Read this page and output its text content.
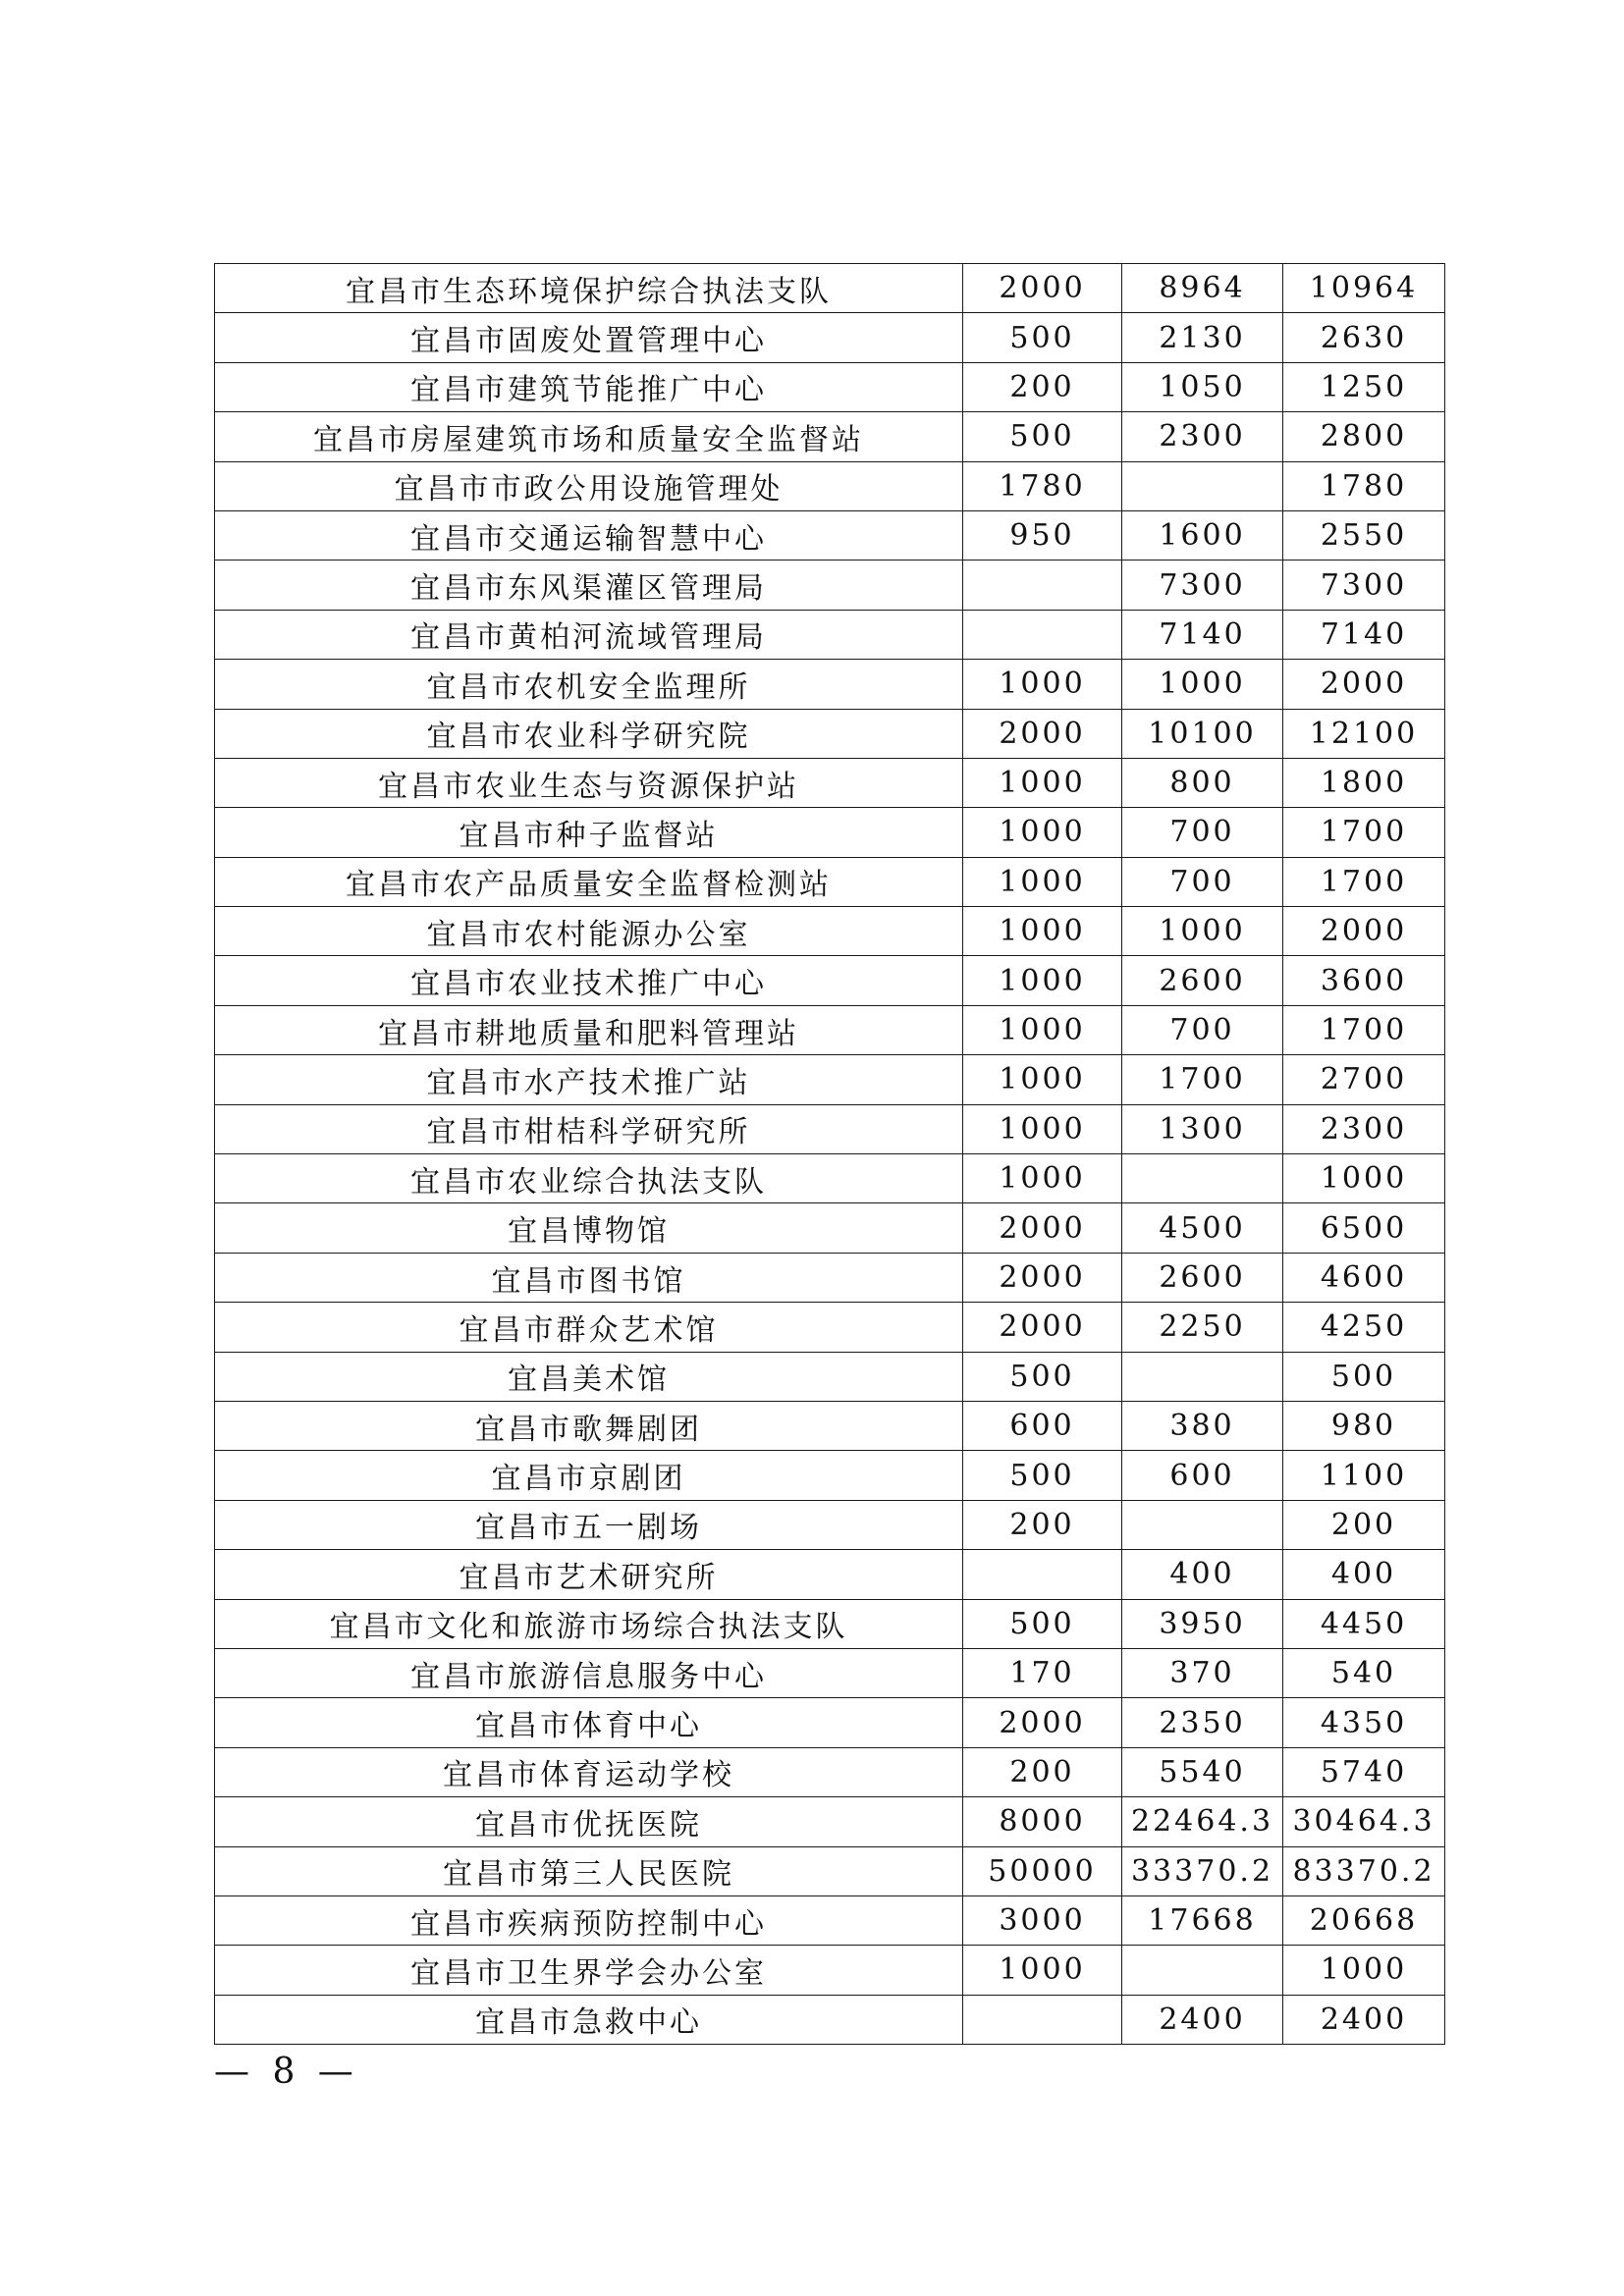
宜昌市生态环境保护综合执法支队	2000	8964	10964
宜昌市固废处置管理中心	500	2130	2630
宜昌市建筑节能推广中心	200	1050	1250
宜昌市房屋建筑市场和质量安全监督站	500	2300	2800
宜昌市市政公用设施管理处	1780		1780
宜昌市交通运输智慧中心	950	1600	2550
宜昌市东风渠灌区管理局		7300	7300
宜昌市黄柏河流域管理局		7140	7140
宜昌市农机安全监理所	1000	1000	2000
宜昌市农业科学研究院	2000	10100	12100
宜昌市农业生态与资源保护站	1000	800	1800
宜昌市种子监督站	1000	700	1700
宜昌市农产品质量安全监督检测站	1000	700	1700
宜昌市农村能源办公室	1000	1000	2000
宜昌市农业技术推广中心	1000	2600	3600
宜昌市耕地质量和肥料管理站	1000	700	1700
宜昌市水产技术推广站	1000	1700	2700
宜昌市柑桔科学研究所	1000	1300	2300
宜昌市农业综合执法支队	1000		1000
宜昌博物馆	2000	4500	6500
宜昌市图书馆	2000	2600	4600
宜昌市群众艺术馆	2000	2250	4250
宜昌美术馆	500		500
宜昌市歌舞剧团	600	380	980
宜昌市京剧团	500	600	1100
宜昌市五一剧场	200		200
宜昌市艺术研究所		400	400
宜昌市文化和旅游市场综合执法支队	500	3950	4450
宜昌市旅游信息服务中心	170	370	540
宜昌市体育中心	2000	2350	4350
宜昌市体育运动学校	200	5540	5740
宜昌市优抚医院	8000	22464.3	30464.3
宜昌市第三人民医院	50000	33370.2	83370.2
宜昌市疾病预防控制中心	3000	17668	20668
宜昌市卫生界学会办公室	1000		1000
宜昌市急救中心		2400	2400
— 8 —
